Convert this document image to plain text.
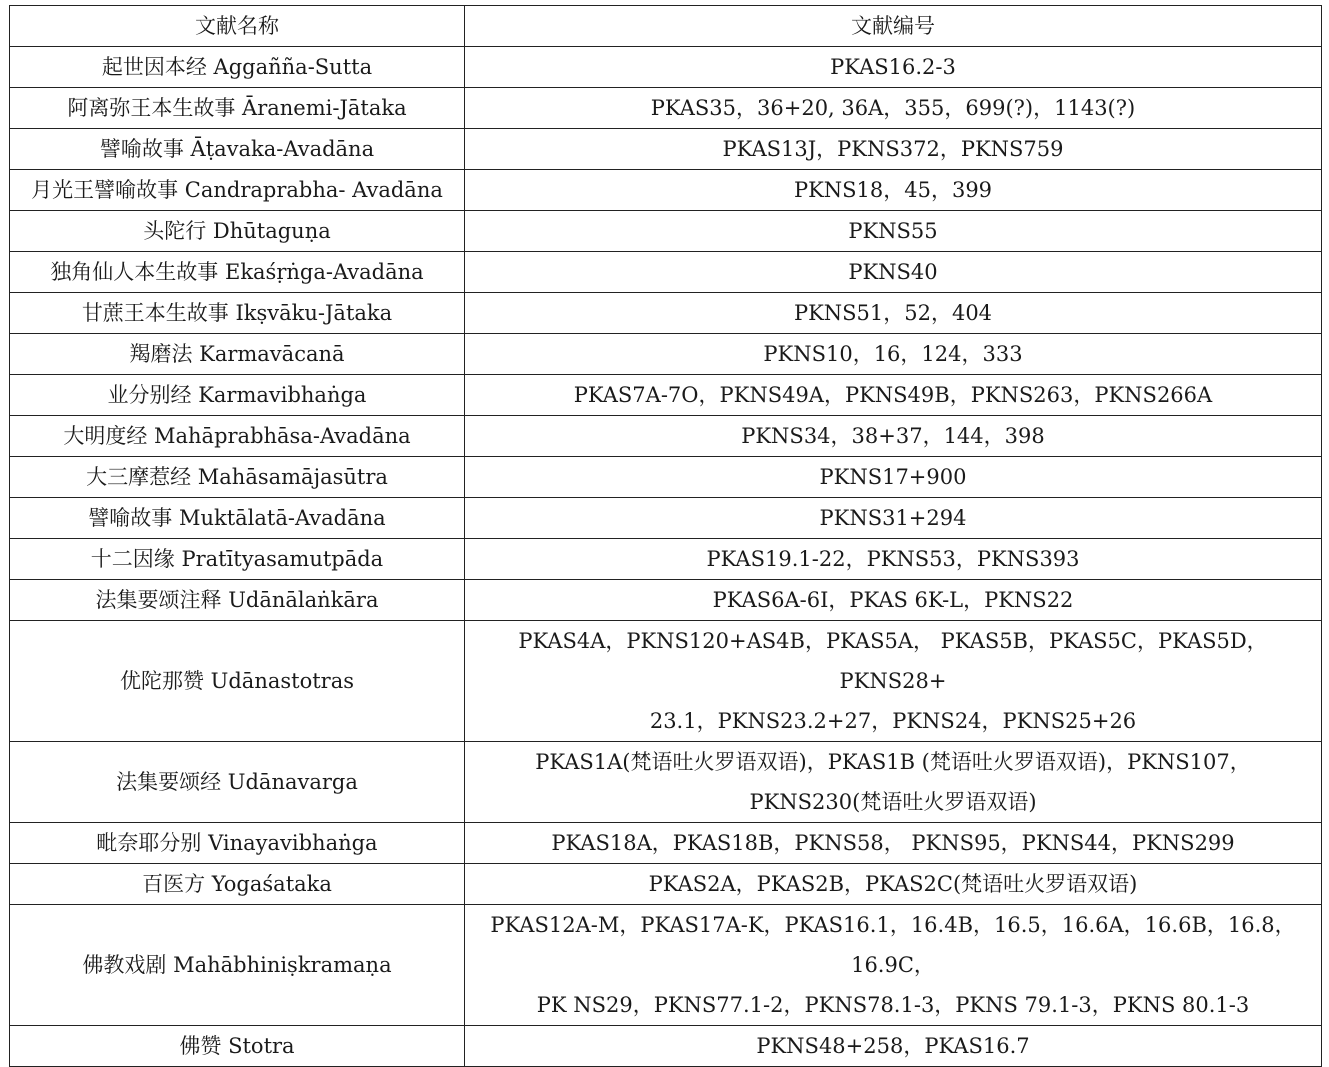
文献名称	文献编号
起世因本经 Aggañña-Sutta	PKAS16.2-3
阿离弥王本生故事 Āranemi-Jātaka	PKAS35，36+20, 36A，355，699(?)，1143(?)
譬喻故事 Āṭavaka-Avadāna	PKAS13J，PKNS372，PKNS759
月光王譬喻故事 Candraprabha- Avadāna	PKNS18，45，399
头陀行 Dhūtaguṇa	PKNS55
独角仙人本生故事 Ekaśṛṅga-Avadāna	PKNS40
甘蔗王本生故事 Ikṣvāku-Jātaka	PKNS51，52，404
羯磨法 Karmavācanā	PKNS10，16，124，333
业分别经 Karmavibhaṅga	PKAS7A-7O，PKNS49A，PKNS49B，PKNS263，PKNS266A
大明度经 Mahāprabhāsa-Avadāna	PKNS34，38+37，144，398
大三摩惹经 Mahāsamājasūtra	PKNS17+900
譬喻故事 Muktālatā-Avadāna	PKNS31+294
十二因缘 Pratītyasamutpāda	PKAS19.1-22，PKNS53，PKNS393
法集要颂注释 Udānālaṅkāra	PKAS6A-6I，PKAS 6K-L，PKNS22
优陀那赞 Udānastotras	PKAS4A，PKNS120+AS4B，PKAS5A， PKAS5B，PKAS5C，PKAS5D，PKNS28+
23.1，PKNS23.2+27，PKNS24，PKNS25+26
法集要颂经 Udānavarga	PKAS1A(梵语吐火罗语双语)，PKAS1B (梵语吐火罗语双语)，PKNS107，
PKNS230(梵语吐火罗语双语)
毗奈耶分别 Vinayavibhaṅga	PKAS18A，PKAS18B，PKNS58， PKNS95，PKNS44，PKNS299
百医方 Yogaśataka	PKAS2A，PKAS2B，PKAS2C(梵语吐火罗语双语)
佛教戏剧 Mahābhiniṣkramaṇa	PKAS12A-M，PKAS17A-K，PKAS16.1，16.4B，16.5，16.6A，16.6B，16.8，16.9C，
PK NS29，PKNS77.1-2，PKNS78.1-3，PKNS 79.1-3，PKNS 80.1-3
佛赞 Stotra	PKNS48+258，PKAS16.7
